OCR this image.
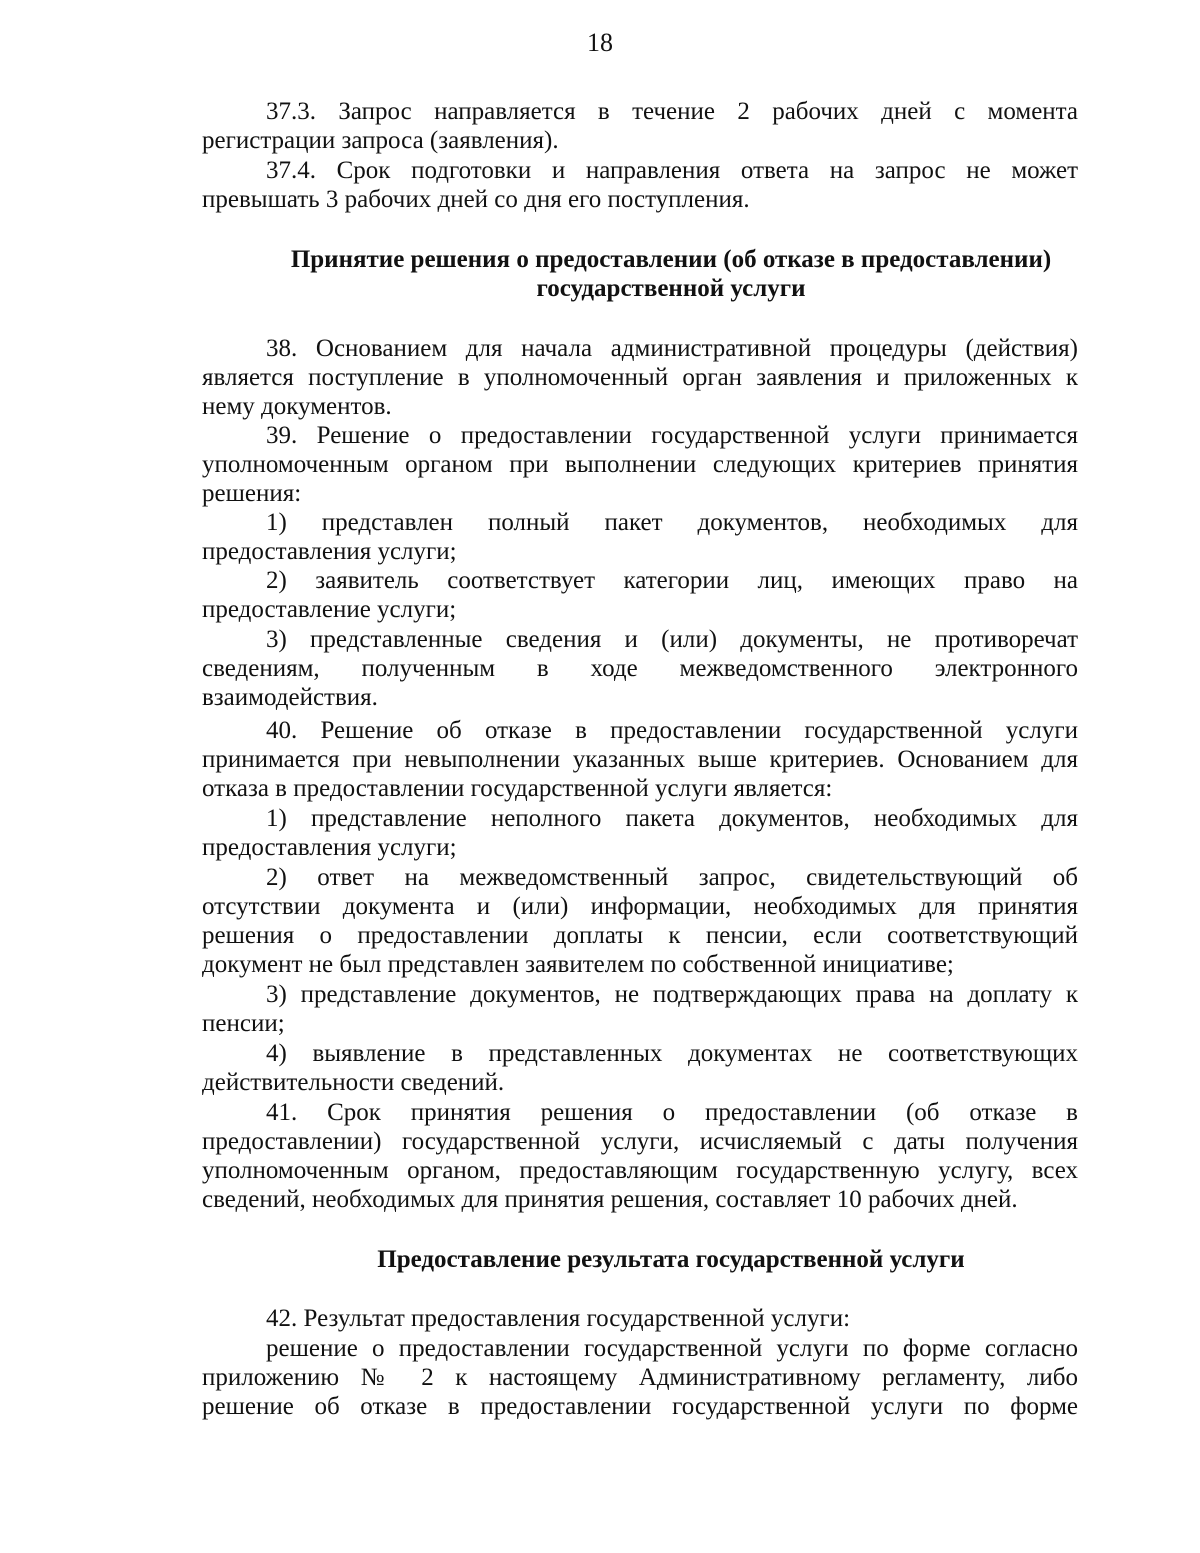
18
37.3. Запрос направляется в течение 2 рабочих дней с момента
регистрации запроса (заявления).
37.4. Срок подготовки и направления ответа на запрос не может
превышать 3 рабочих дней со дня его поступления.
Принятие решения о предоставлении (об отказе в предоставлении)
государственной услуги
38. Основанием для начала административной процедуры (действия)
является поступление в уполномоченный орган заявления и приложенных к
нему документов.
39. Решение о предоставлении государственной услуги принимается
уполномоченным органом при выполнении следующих критериев принятия
решения:
1) представлен полный пакет документов, необходимых для
предоставления услуги;
2) заявитель соответствует категории лиц, имеющих право на
предоставление услуги;
3) представленные сведения и (или) документы, не противоречат
сведениям, полученным в ходе межведомственного электронного
взаимодействия.
40. Решение об отказе в предоставлении государственной услуги
принимается при невыполнении указанных выше критериев. Основанием для
отказа в предоставлении государственной услуги является:
1) представление неполного пакета документов, необходимых для
предоставления услуги;
2) ответ на межведомственный запрос, свидетельствующий об
отсутствии документа и (или) информации, необходимых для принятия
решения о предоставлении доплаты к пенсии, если соответствующий
документ не был представлен заявителем по собственной инициативе;
3) представление документов, не подтверждающих права на доплату к
пенсии;
4) выявление в представленных документах не соответствующих
действительности сведений.
41. Срок принятия решения о предоставлении (об отказе в
предоставлении) государственной услуги, исчисляемый с даты получения
уполномоченным органом, предоставляющим государственную услугу, всех
сведений, необходимых для принятия решения, составляет 10 рабочих дней.
Предоставление результата государственной услуги
42. Результат предоставления государственной услуги:
решение о предоставлении государственной услуги по форме согласно
приложению № 2 к настоящему Административному регламенту, либо
решение об отказе в предоставлении государственной услуги по форме
